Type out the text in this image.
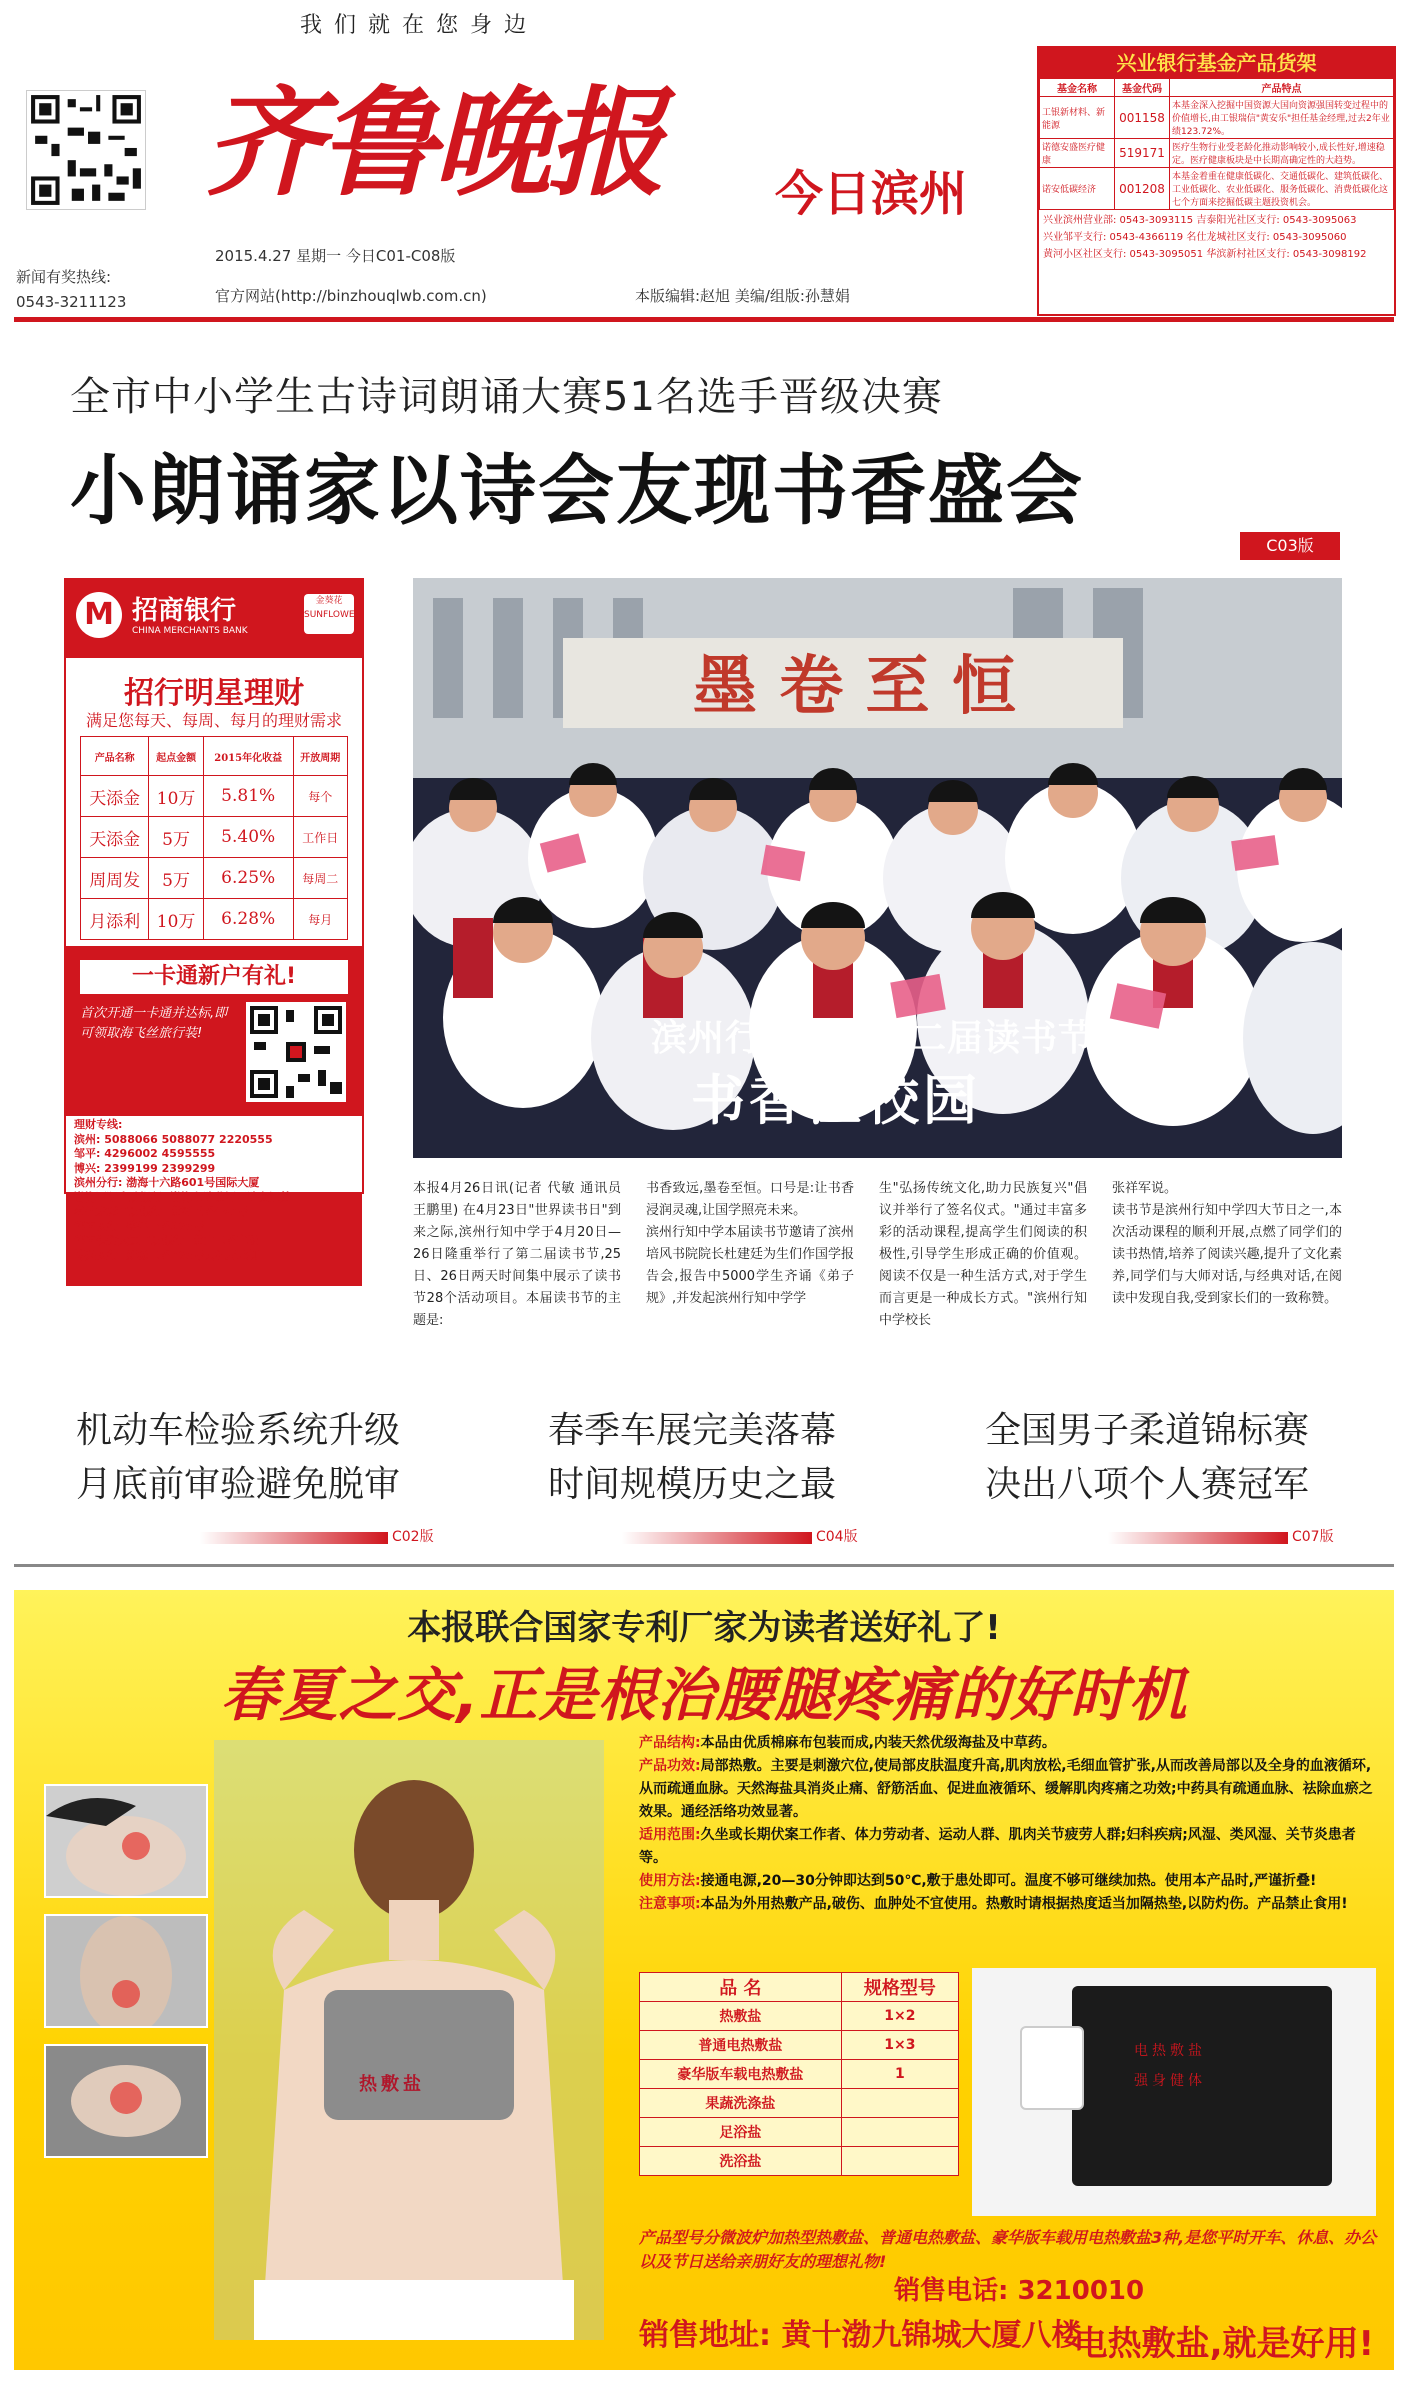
我们就在您身边
齐鲁晚报 今日滨州
2015.4.27 星期一 今日C01-C08版
官方网站(http://binzhouqlwb.com.cn)	本版编辑:赵旭 美编/组版:孙慧娟
新闻有奖热线:
0543-3211123
兴业银行基金产品货架
基金名称	基金代码	产品特点
工银新材料、新能源	001158	本基金深入挖掘中国资源大国向资源强国转变过程中的价值增长,由工银瑞信"黄安乐"担任基金经理,过去2年业绩123.72%。
诺德安盛医疗健康	519171	医疗生物行业受老龄化推动影响较小,成长性好,增速稳定。医疗健康板块是中长期高确定性的大趋势。
诺安低碳经济	001208	本基金着重在健康低碳化、交通低碳化、建筑低碳化、工业低碳化、农业低碳化、服务低碳化、消费低碳化这七个方面来挖掘低碳主题投资机会。
兴业滨州营业部: 0543-3093115 吉泰阳光社区支行: 0543-3095063
兴业邹平支行: 0543-4366119 名仕龙城社区支行: 0543-3095060
黄河小区社区支行: 0543-3095051 华滨新村社区支行: 0543-3098192
全市中小学生古诗词朗诵大赛51名选手晋级决赛
小朗诵家以诗会友现书香盛会
C03版
M 招商银行
CHINA MERCHANTS BANK
金葵花 SUNFLOWER
招行明星理财
满足您每天、每周、每月的理财需求
产品名称	起点金额	2015年化收益	开放周期
天添金	10万	5.81%	每个
天添金	5万	5.40%	工作日
周周发	5万	6.25%	每周二
月添利	10万	6.28%	每月
一卡通新户有礼!
首次开通一卡通并达标,即可领取海飞丝旅行装!
理财专线:
滨州: 5088066 5088077 2220555
邹平: 4296002 4595555
博兴: 2399199 2399299
滨州分行: 渤海十六路601号国际大厦
渤海国际自助银行: 渤海七路黄河四路交汇处
名仕龙城自助银行: 黄河五路497号
邹平支行: 鹤伴一路966号
邹平供销大厦自助银行: 黄山二路中段
博兴支行: 新城二路766号人社局北侧
墨 卷 至 恒
滨州行知中学第二届读书节
书香溢校园
本报4月26日讯(记者 代敏 通讯员 王鹏里) 在4月23日"世界读书日"到来之际,滨州行知中学于4月20日—26日隆重举行了第二届读书节,25日、26日两天时间集中展示了读书节28个活动项目。本届读书节的主题是:
书香致远,墨卷至恒。口号是:让书香浸润灵魂,让国学照亮未来。
滨州行知中学本届读书节邀请了滨州培风书院院长杜建廷为生们作国学报告会,报告中5000学生齐诵《弟子规》,并发起滨州行知中学学
生"弘扬传统文化,助力民族复兴"倡议并举行了签名仪式。"通过丰富多彩的活动课程,提高学生们阅读的积极性,引导学生形成正确的价值观。阅读不仅是一种生活方式,对于学生而言更是一种成长方式。"滨州行知中学校长
张祥军说。
读书节是滨州行知中学四大节日之一,本次活动课程的顺利开展,点燃了同学们的读书热情,培养了阅读兴趣,提升了文化素养,同学们与大师对话,与经典对话,在阅读中发现自我,受到家长们的一致称赞。
机动车检验系统升级
月底前审验避免脱审
C02版
春季车展完美落幕
时间规模历史之最
C04版
全国男子柔道锦标赛
决出八项个人赛冠军
C07版
本报联合国家专利厂家为读者送好礼了!
春夏之交,正是根治腰腿疼痛的好时机
热敷盐
产品结构:本品由优质棉麻布包装而成,内装天然优级海盐及中草药。
产品功效:局部热敷。主要是刺激穴位,使局部皮肤温度升高,肌肉放松,毛细血管扩张,从而改善局部以及全身的血液循环,从而疏通血脉。天然海盐具消炎止痛、舒筋活血、促进血液循环、缓解肌肉疼痛之功效;中药具有疏通血脉、祛除血瘀之效果。通经活络功效显著。
适用范围:久坐或长期伏案工作者、体力劳动者、运动人群、肌肉关节疲劳人群;妇科疾病;风湿、类风湿、关节炎患者等。
使用方法:接通电源,20—30分钟即达到50℃,敷于患处即可。温度不够可继续加热。使用本产品时,严谨折叠!
注意事项:本品为外用热敷产品,破伤、血肿处不宜使用。热敷时请根据热度适当加隔热垫,以防灼伤。产品禁止食用!
品 名	规格型号
热敷盐	1×2
普通电热敷盐	1×3
豪华版车载电热敷盐	1
果蔬洗涤盐	
足浴盐	
洗浴盐	
电热敷盐
强身健体
产品型号分微波炉加热型热敷盐、普通电热敷盐、豪华版车载用电热敷盐3种,是您平时开车、休息、办公以及节日送给亲朋好友的理想礼物!
销售电话: 3210010
销售地址: 黄十渤九锦城大厦八楼
电热敷盐,就是好用!
